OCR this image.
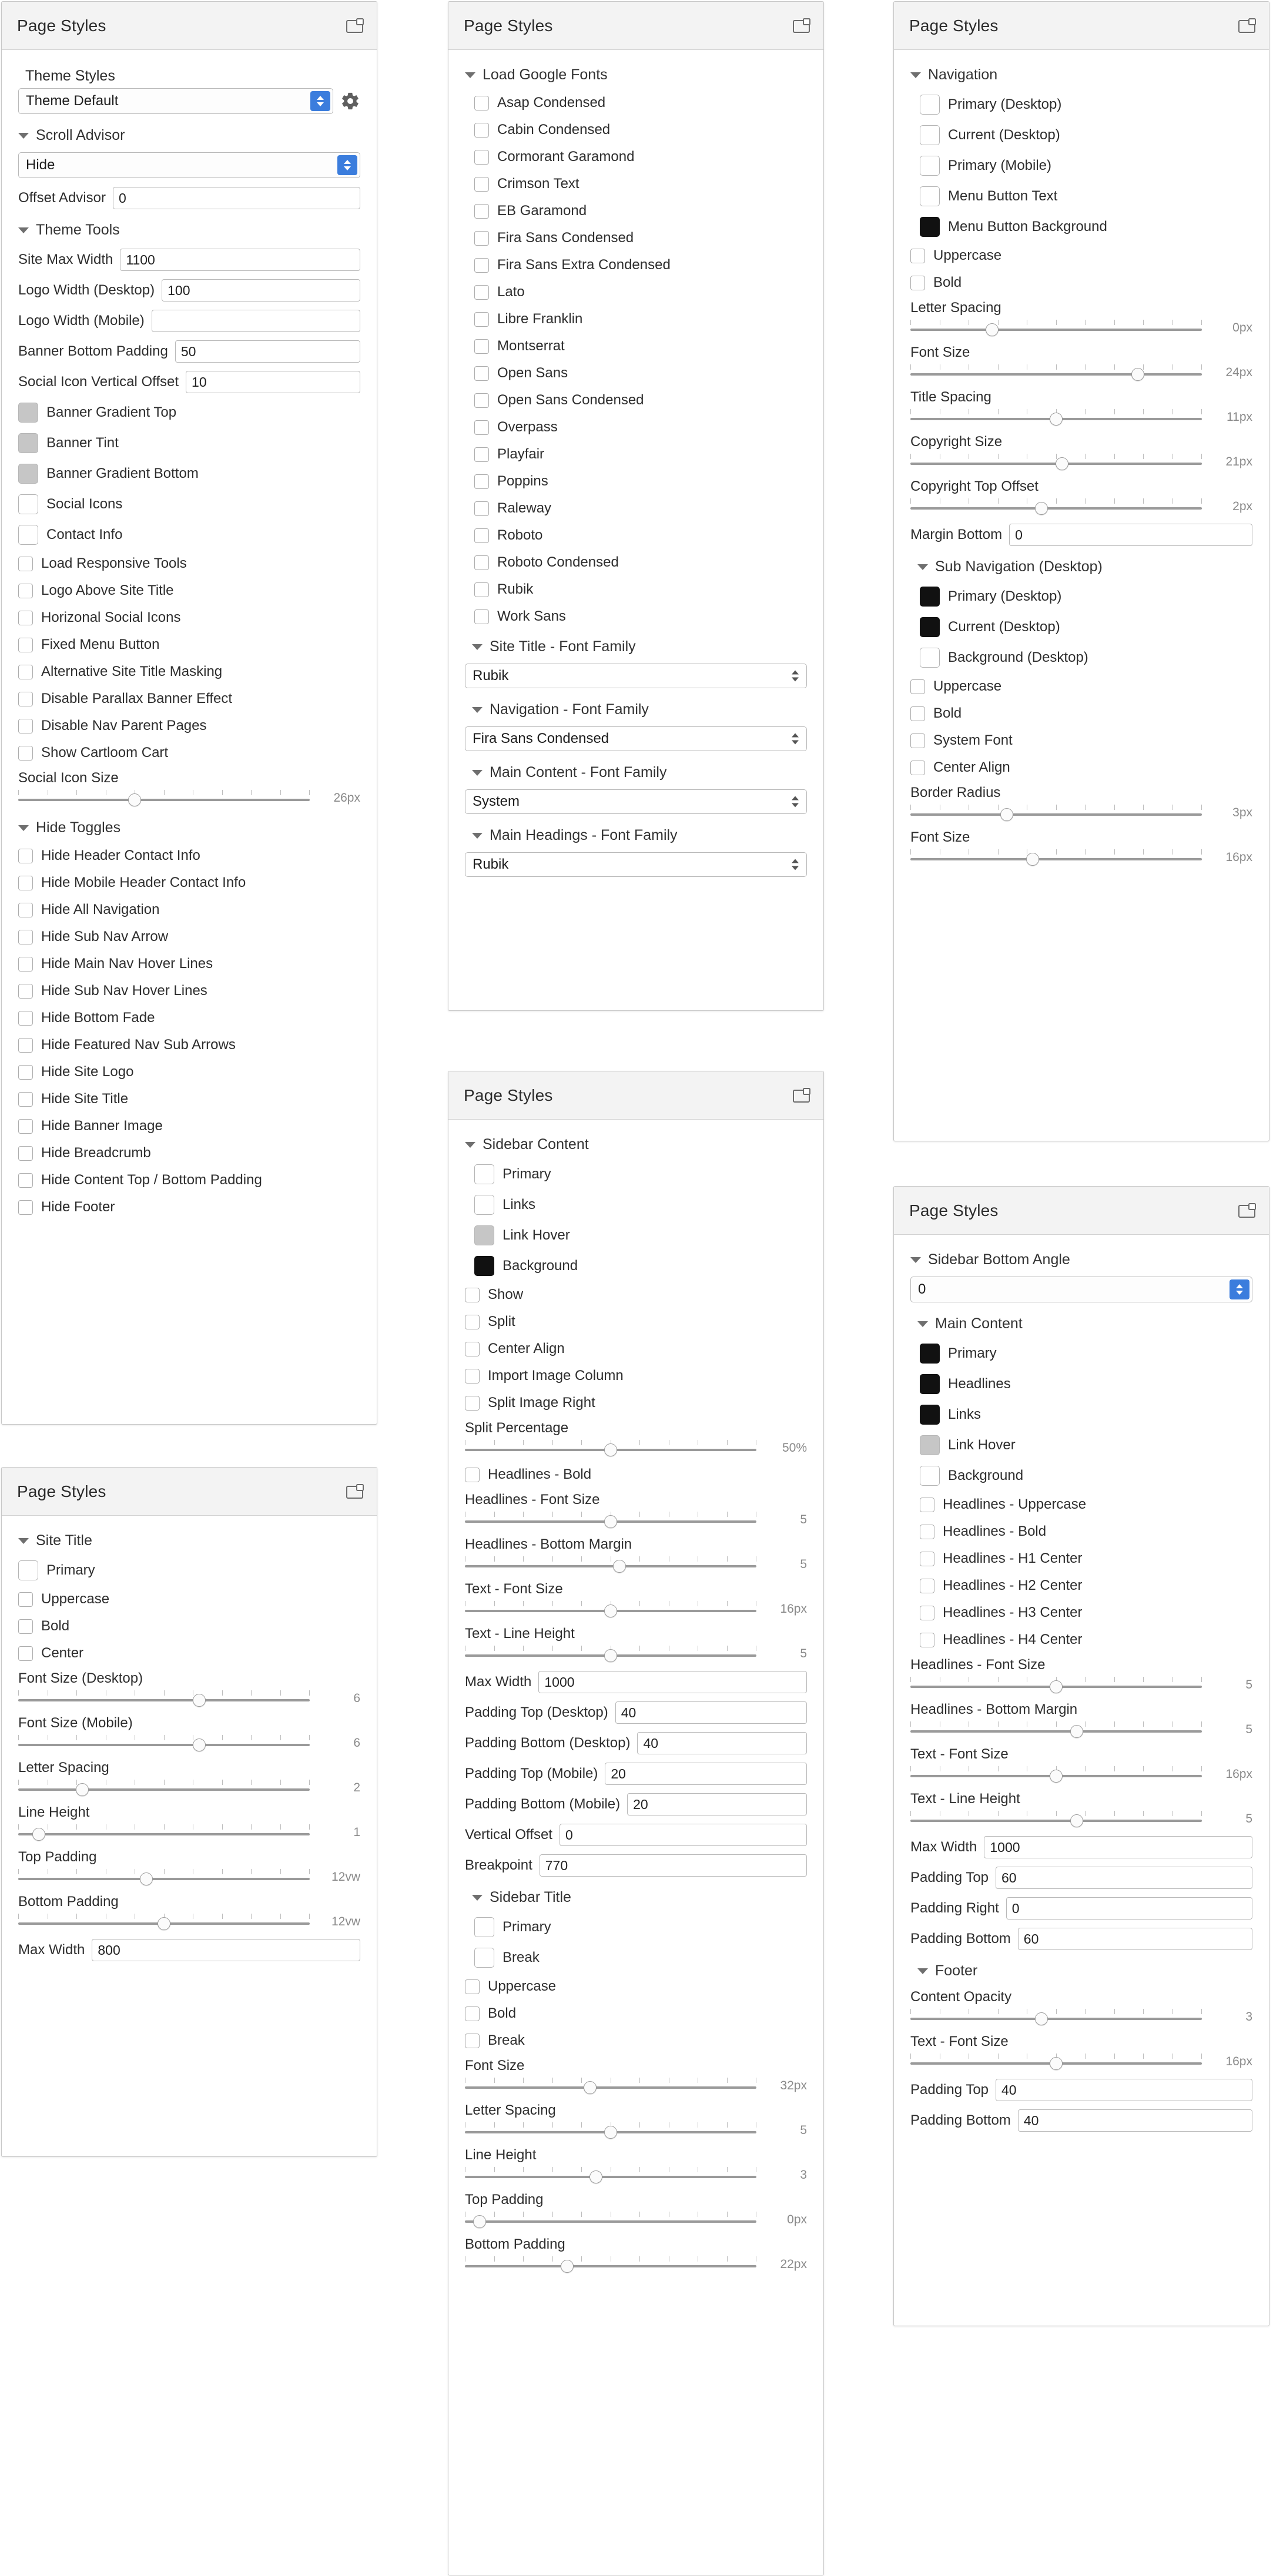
Page Styles
Theme Styles
Theme Default
Scroll Advisor
Hide
Offset Advisor
0
Theme Tools
Site Max Width
1100
Logo Width (Desktop)
100
Logo Width (Mobile)
Banner Bottom Padding
50
Social Icon Vertical Offset
10
Banner Gradient Top
Banner Tint
Banner Gradient Bottom
Social Icons
Contact Info
Load Responsive Tools
Logo Above Site Title
Horizonal Social Icons
Fixed Menu Button
Alternative Site Title Masking
Disable Parallax Banner Effect
Disable Nav Parent Pages
Show Cartloom Cart
Social Icon Size
26px
Hide Toggles
Hide Header Contact Info
Hide Mobile Header Contact Info
Hide All Navigation
Hide Sub Nav Arrow
Hide Main Nav Hover Lines
Hide Sub Nav Hover Lines
Hide Bottom Fade
Hide Featured Nav Sub Arrows
Hide Site Logo
Hide Site Title
Hide Banner Image
Hide Breadcrumb
Hide Content Top / Bottom Padding
Hide Footer
Page Styles
Site Title
Primary
Uppercase
Bold
Center
Font Size (Desktop)
6
Font Size (Mobile)
6
Letter Spacing
2
Line Height
1
Top Padding
12vw
Bottom Padding
12vw
Max Width
800
Page Styles
Load Google Fonts
Asap Condensed
Cabin Condensed
Cormorant Garamond
Crimson Text
EB Garamond
Fira Sans Condensed
Fira Sans Extra Condensed
Lato
Libre Franklin
Montserrat
Open Sans
Open Sans Condensed
Overpass
Playfair
Poppins
Raleway
Roboto
Roboto Condensed
Rubik
Work Sans
Site Title - Font Family
Rubik
Navigation - Font Family
Fira Sans Condensed
Main Content - Font Family
System
Main Headings - Font Family
Rubik
Page Styles
Sidebar Content
Primary
Links
Link Hover
Background
Show
Split
Center Align
Import Image Column
Split Image Right
Split Percentage
50%
Headlines - Bold
Headlines - Font Size
5
Headlines - Bottom Margin
5
Text - Font Size
16px
Text - Line Height
5
Max Width
1000
Padding Top (Desktop)
40
Padding Bottom (Desktop)
40
Padding Top (Mobile)
20
Padding Bottom (Mobile)
20
Vertical Offset
0
Breakpoint
770
Sidebar Title
Primary
Break
Uppercase
Bold
Break
Font Size
32px
Letter Spacing
5
Line Height
3
Top Padding
0px
Bottom Padding
22px
Page Styles
Navigation
Primary (Desktop)
Current (Desktop)
Primary (Mobile)
Menu Button Text
Menu Button Background
Uppercase
Bold
Letter Spacing
0px
Font Size
24px
Title Spacing
11px
Copyright Size
21px
Copyright Top Offset
2px
Margin Bottom
0
Sub Navigation (Desktop)
Primary (Desktop)
Current (Desktop)
Background (Desktop)
Uppercase
Bold
System Font
Center Align
Border Radius
3px
Font Size
16px
Page Styles
Sidebar Bottom Angle
0
Main Content
Primary
Headlines
Links
Link Hover
Background
Headlines - Uppercase
Headlines - Bold
Headlines - H1 Center
Headlines - H2 Center
Headlines - H3 Center
Headlines - H4 Center
Headlines - Font Size
5
Headlines - Bottom Margin
5
Text - Font Size
16px
Text - Line Height
5
Max Width
1000
Padding Top
60
Padding Right
0
Padding Bottom
60
Footer
Content Opacity
3
Text - Font Size
16px
Padding Top
40
Padding Bottom
40
